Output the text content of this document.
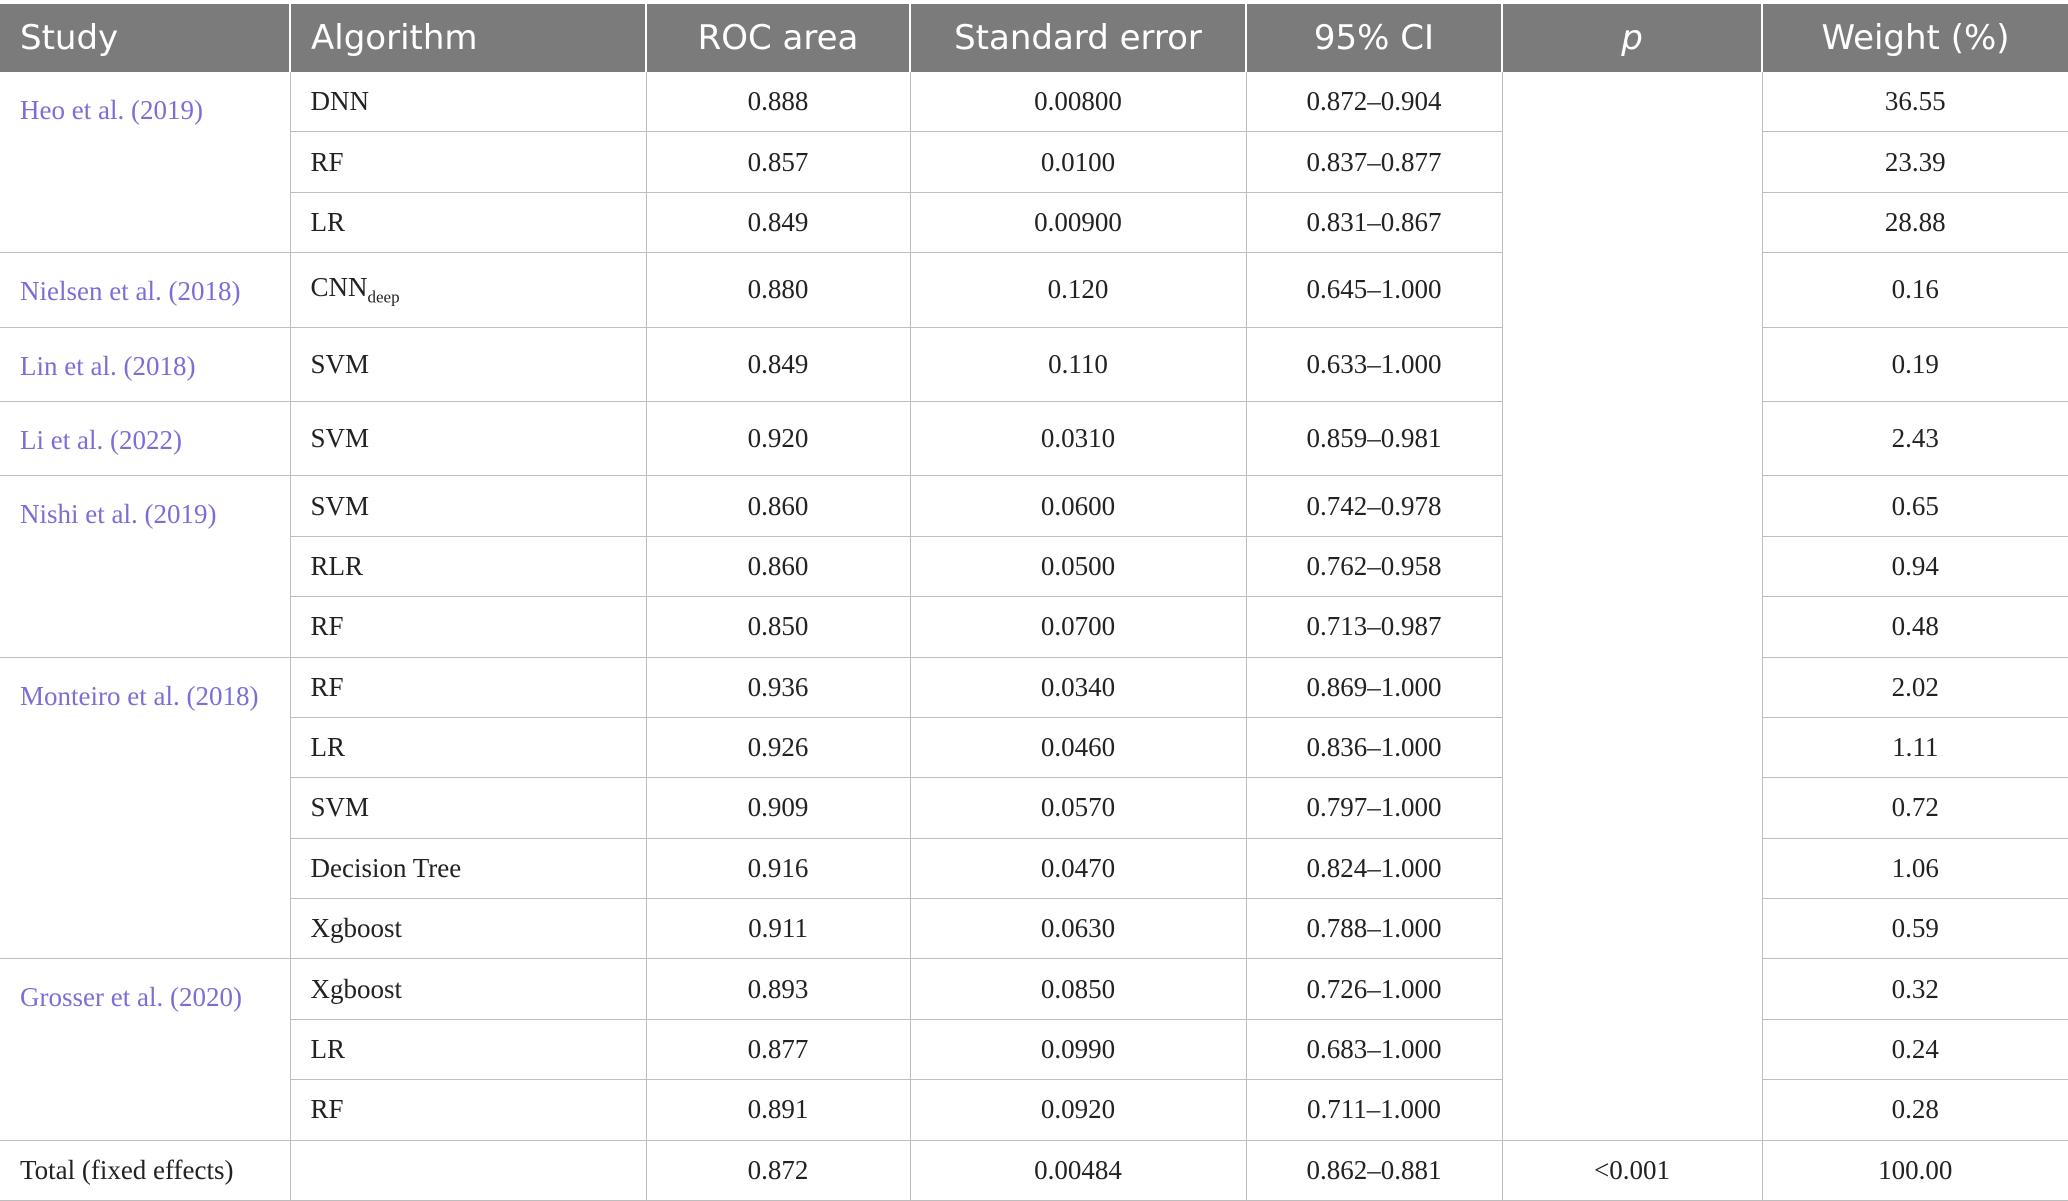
Study	Algorithm	ROC area	Standard error	95% CI	p	Weight (%)
Heo et al. (2019)	DNN	0.888	0.00800	0.872–0.904		36.55
	RF	0.857	0.0100	0.837–0.877		23.39
	LR	0.849	0.00900	0.831–0.867		28.88
Nielsen et al. (2018)	$CNN_{deep}$	0.880	0.120	0.645–1.000		0.16
Lin et al. (2018)	SVM	0.849	0.110	0.633–1.000		0.19
Li et al. (2022)	SVM	0.920	0.0310	0.859–0.981		2.43
Nishi et al. (2019)	SVM	0.860	0.0600	0.742–0.978		0.65
	RLR	0.860	0.0500	0.762–0.958		0.94
	RF	0.850	0.0700	0.713–0.987		0.48
Monteiro et al. (2018)	RF	0.936	0.0340	0.869–1.000		2.02
	LR	0.926	0.0460	0.836–1.000		1.11
	SVM	0.909	0.0570	0.797–1.000		0.72
	Decision Tree	0.916	0.0470	0.824–1.000		1.06
	Xgboost	0.911	0.0630	0.788–1.000		0.59
Grosser et al. (2020)	Xgboost	0.893	0.0850	0.726–1.000		0.32
	LR	0.877	0.0990	0.683–1.000		0.24
	RF	0.891	0.0920	0.711–1.000		0.28
Total (fixed effects)		0.872	0.00484	0.862–0.881	<0.001	100.00
